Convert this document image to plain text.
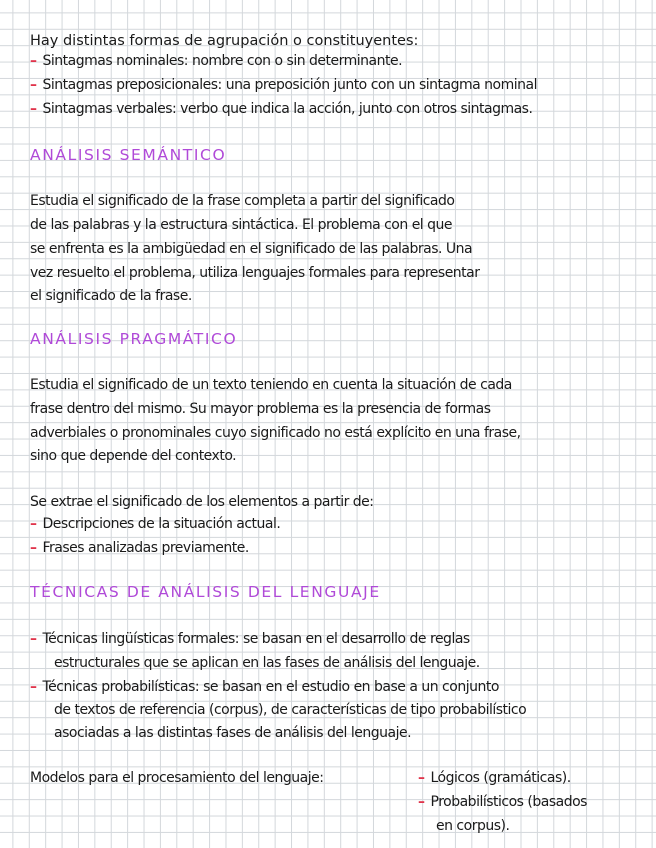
Hay distintas formas de agrupación o constituyentes:
– Sintagmas nominales: nombre con o sin determinante.
– Sintagmas preposicionales: una preposición junto con un sintagma nominal
– Sintagmas verbales: verbo que indica la acción, junto con otros sintagmas.
ANÁLISIS SEMÁNTICO
Estudia el significado de la frase completa a partir del significado
de las palabras y la estructura sintáctica. El problema con el que
se enfrenta es la ambigüedad en el significado de las palabras. Una
vez resuelto el problema, utiliza lenguajes formales para representar
el significado de la frase.
ANÁLISIS PRAGMÁTICO
Estudia el significado de un texto teniendo en cuenta la situación de cada
frase dentro del mismo. Su mayor problema es la presencia de formas
adverbiales o pronominales cuyo significado no está explícito en una frase,
sino que depende del contexto.
Se extrae el significado de los elementos a partir de:
– Descripciones de la situación actual.
– Frases analizadas previamente.
TÉCNICAS DE ANÁLISIS DEL LENGUAJE
– Técnicas lingüísticas formales: se basan en el desarrollo de reglas
estructurales que se aplican en las fases de análisis del lenguaje.
– Técnicas probabilísticas: se basan en el estudio en base a un conjunto
de textos de referencia (corpus), de características de tipo probabilístico
asociadas a las distintas fases de análisis del lenguaje.
Modelos para el procesamiento del lenguaje:	– Lógicos (gramáticas).
– Probabilísticos (basados
en corpus).
